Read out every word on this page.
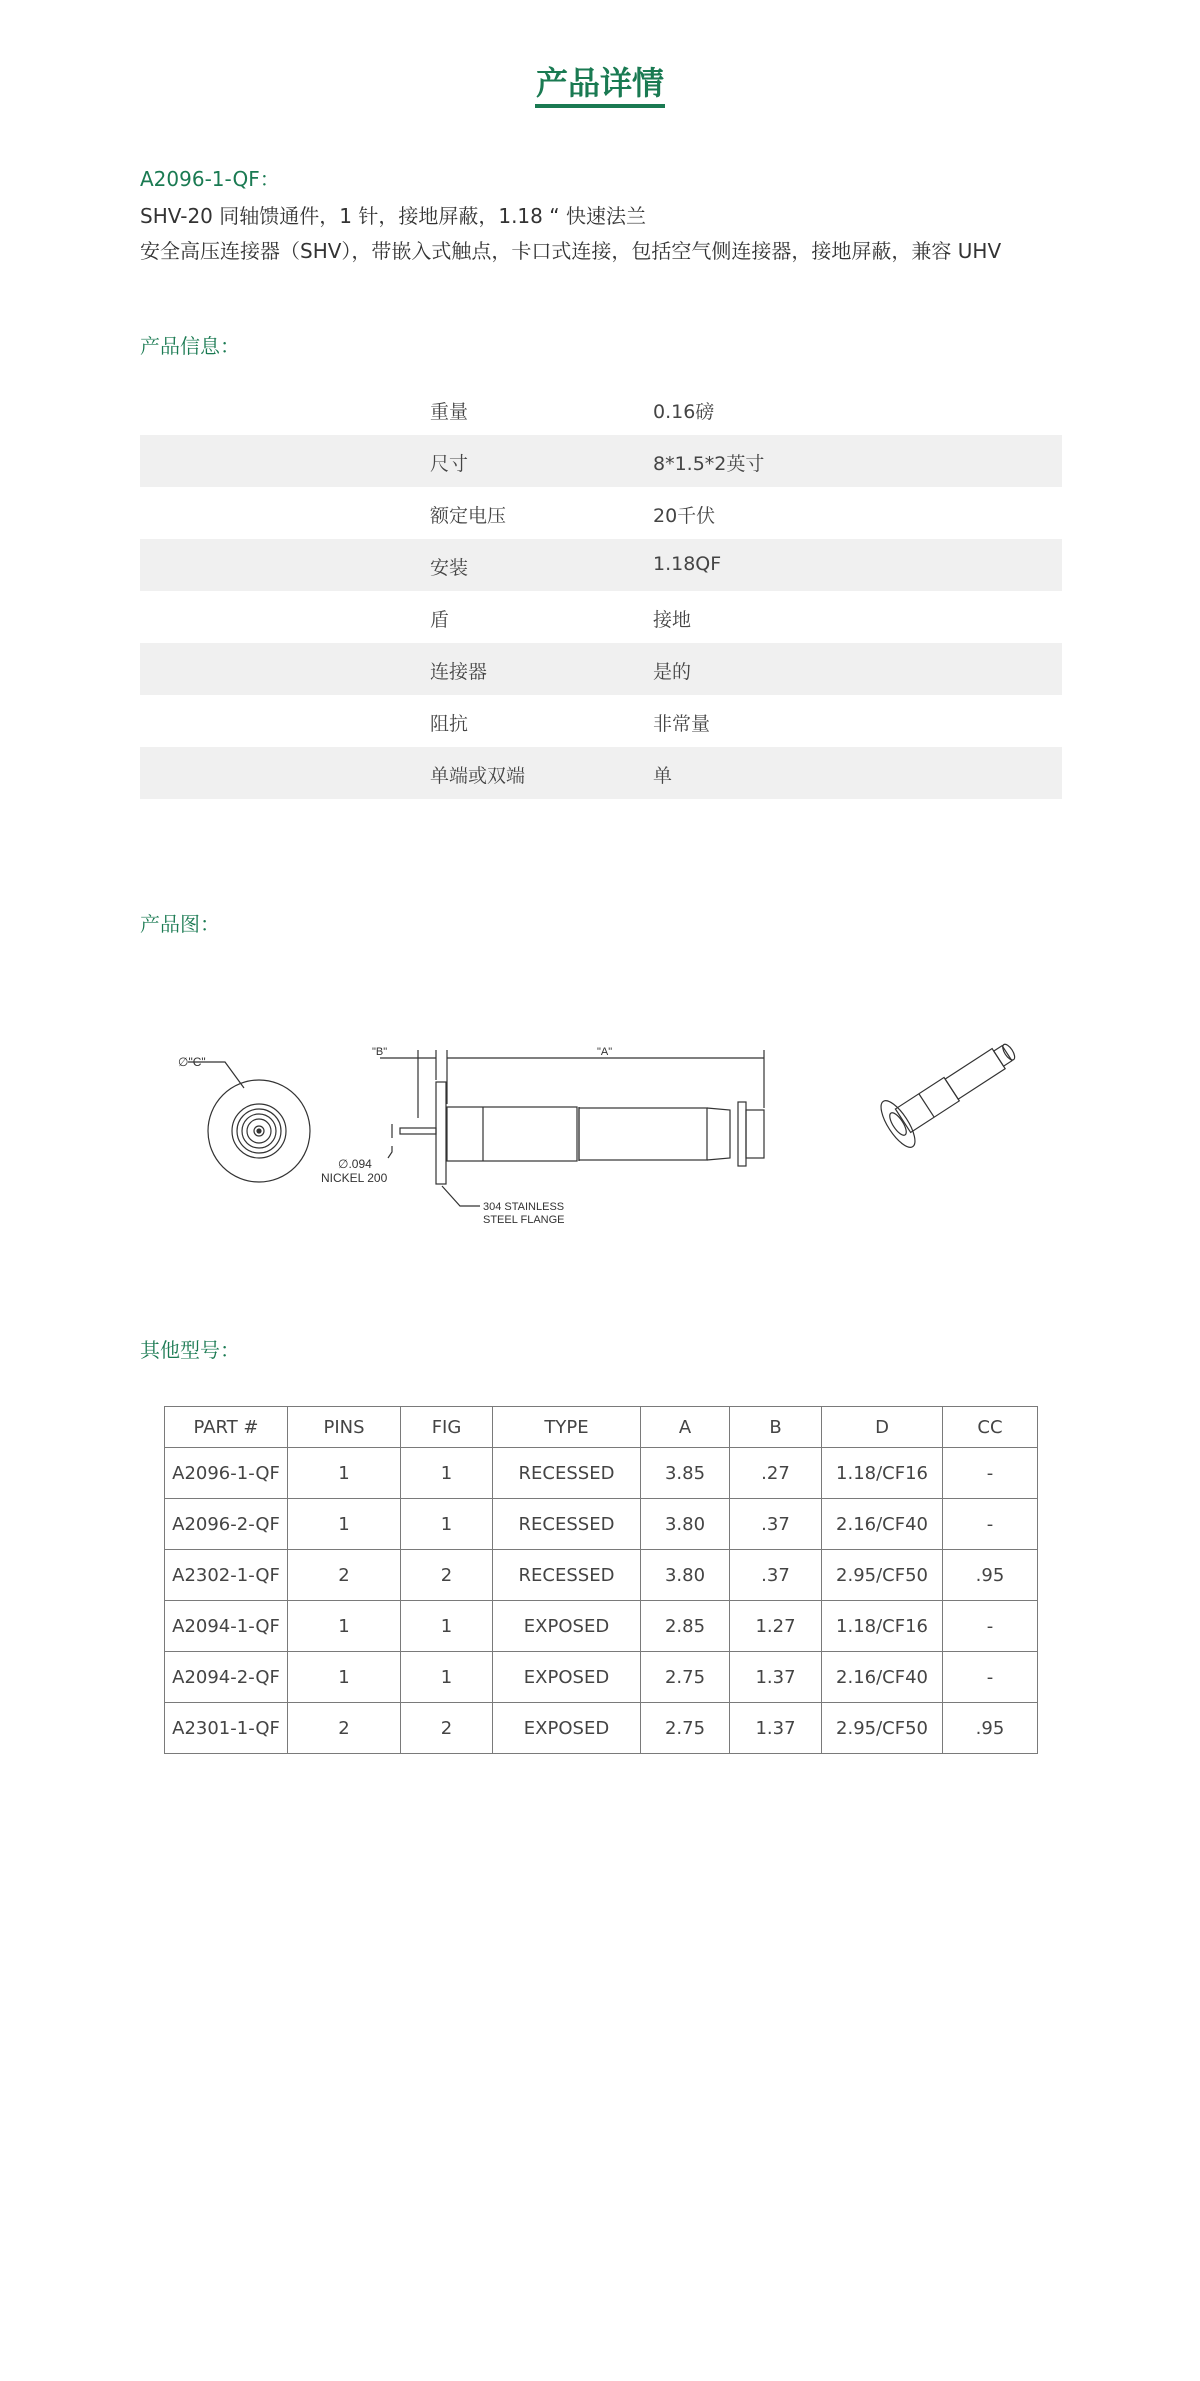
产品详情
A2096-1-QF：
SHV-20 同轴馈通件，1 针，接地屏蔽，1.18 “ 快速法兰
安全高压连接器（SHV），带嵌入式触点，卡口式连接，包括空气侧连接器，接地屏蔽，兼容 UHV
产品信息：
重量	0.16磅
尺寸	8*1.5*2英寸
额定电压	20千伏
安装	1.18QF
盾	接地
连接器	是的
阻抗	非常量
单端或双端	单
产品图：
∅"C"
"B"	"A"
∅.094
NICKEL 200
304 STAINLESS
STEEL FLANGE
其他型号：
PART #	PINS	FIG	TYPE	A	B	D	CC
A2096-1-QF	1	1	RECESSED	3.85	.27	1.18/CF16	-
A2096-2-QF	1	1	RECESSED	3.80	.37	2.16/CF40	-
A2302-1-QF	2	2	RECESSED	3.80	.37	2.95/CF50	.95
A2094-1-QF	1	1	EXPOSED	2.85	1.27	1.18/CF16	-
A2094-2-QF	1	1	EXPOSED	2.75	1.37	2.16/CF40	-
A2301-1-QF	2	2	EXPOSED	2.75	1.37	2.95/CF50	.95
